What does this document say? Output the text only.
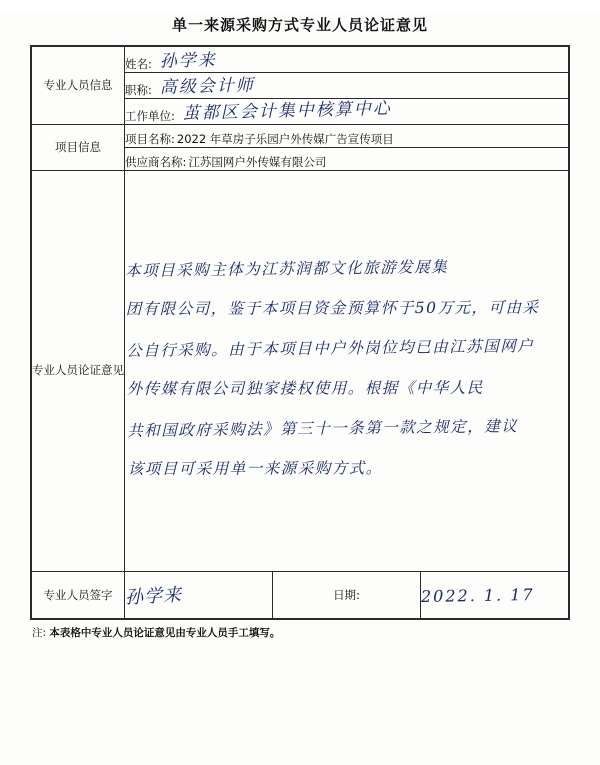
单一来源采购方式专业人员论证意见
专业人员信息	姓名: 孙学来		

	职称: 高级会计师		

	工作单位: 茧都区会计集中核算中心		

项目信息	项目名称: 2022 年草房子乐园户外传媒广告宣传项目		

	供应商名称: 江苏国网户外传媒有限公司		

专业人员论证意见	
本项目采购主体为江苏润都文化旅游发展集
团有限公司，鉴于本项目资金预算怀于50万元，可由采
公自行采购。由于本项目中户外岗位均已由江苏国网户
外传媒有限公司独家搂权使用。根据《中华人民
共和国政府采购法》第三十一条第一款之规定，建议
该项目可采用单一来源采购方式。

专业人员签字	孙学来	日期:	2022. 1. 17
注: 本表格中专业人员论证意见由专业人员手工填写。
